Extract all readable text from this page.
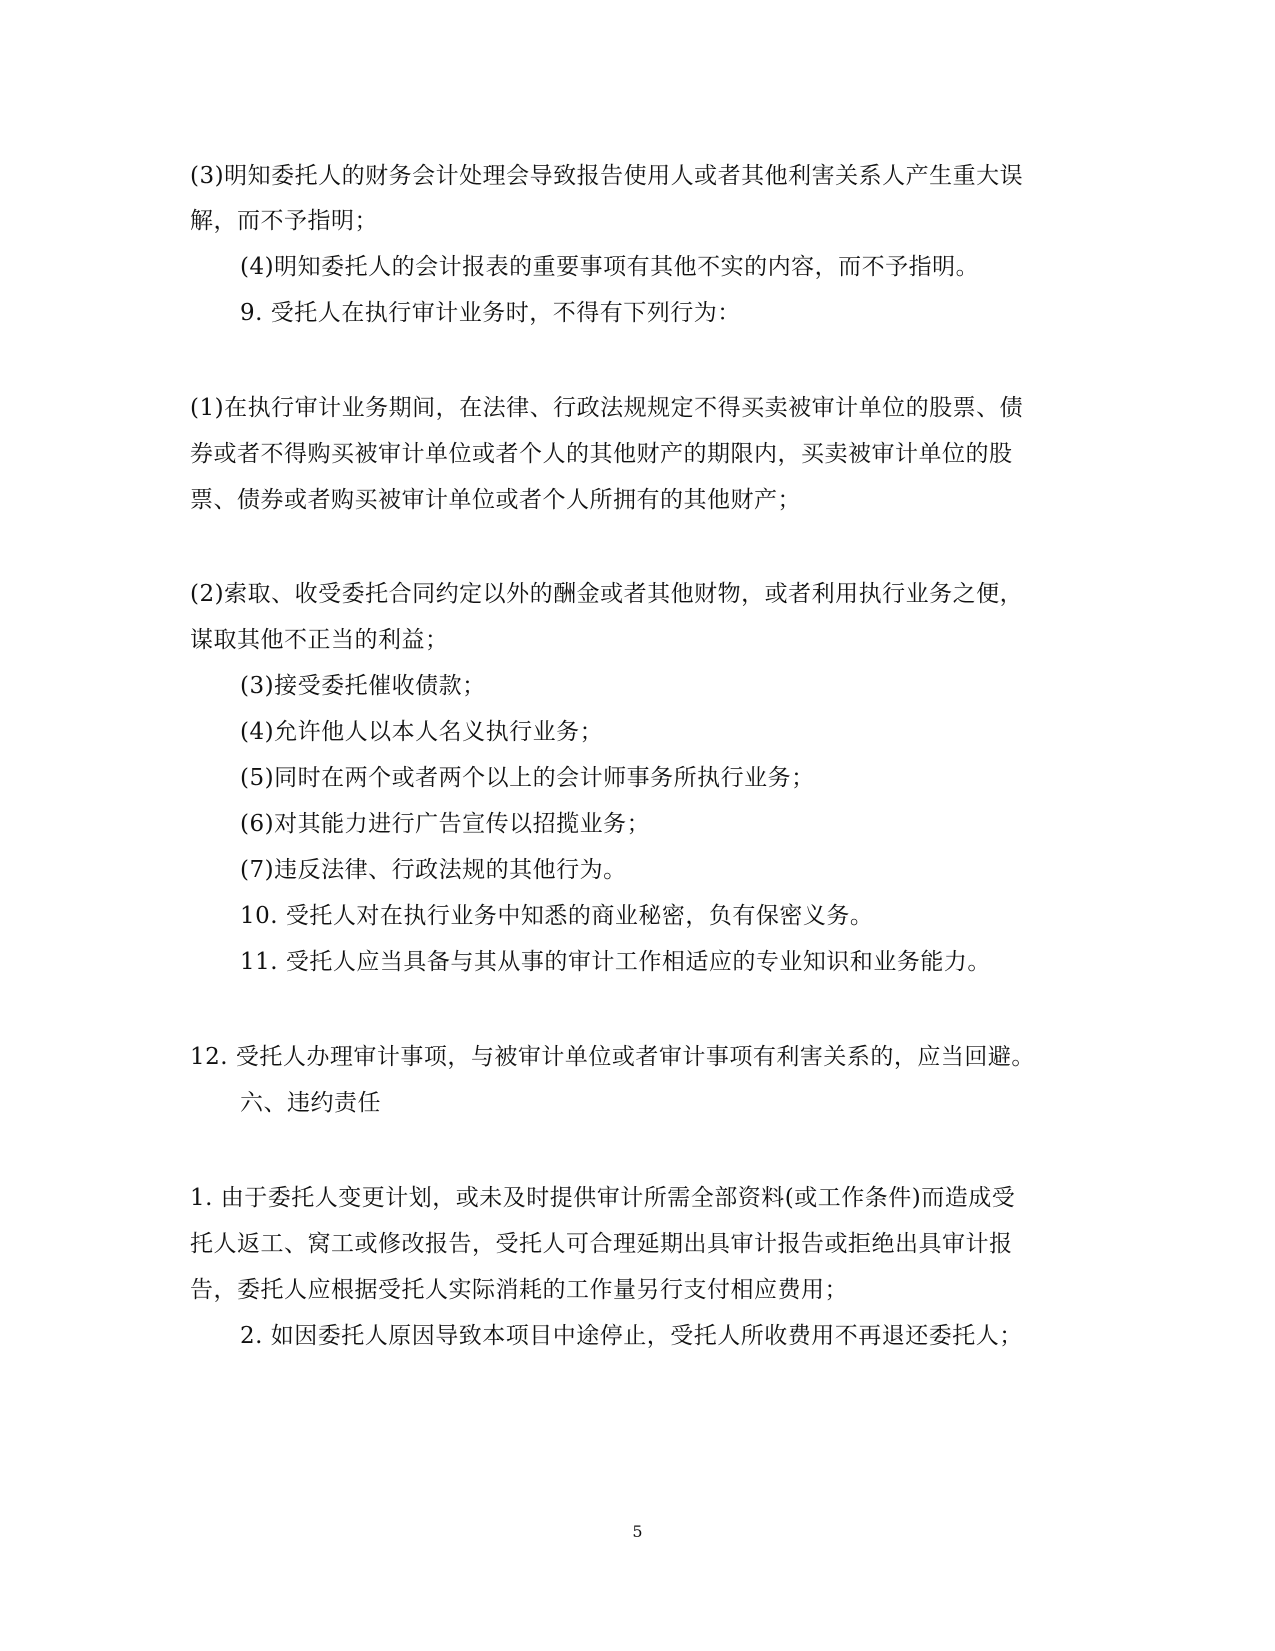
(3)明知委托人的财务会计处理会导致报告使用人或者其他利害关系人产生重大误
解，而不予指明；
(4)明知委托人的会计报表的重要事项有其他不实的内容，而不予指明。
9. 受托人在执行审计业务时，不得有下列行为：
(1)在执行审计业务期间，在法律、行政法规规定不得买卖被审计单位的股票、债
券或者不得购买被审计单位或者个人的其他财产的期限内，买卖被审计单位的股
票、债券或者购买被审计单位或者个人所拥有的其他财产；
(2)索取、收受委托合同约定以外的酬金或者其他财物，或者利用执行业务之便，
谋取其他不正当的利益；
(3)接受委托催收债款；
(4)允许他人以本人名义执行业务；
(5)同时在两个或者两个以上的会计师事务所执行业务；
(6)对其能力进行广告宣传以招揽业务；
(7)违反法律、行政法规的其他行为。
10. 受托人对在执行业务中知悉的商业秘密，负有保密义务。
11. 受托人应当具备与其从事的审计工作相适应的专业知识和业务能力。
12. 受托人办理审计事项，与被审计单位或者审计事项有利害关系的，应当回避。
六、违约责任
1. 由于委托人变更计划，或未及时提供审计所需全部资料(或工作条件)而造成受
托人返工、窝工或修改报告，受托人可合理延期出具审计报告或拒绝出具审计报
告，委托人应根据受托人实际消耗的工作量另行支付相应费用；
2. 如因委托人原因导致本项目中途停止，受托人所收费用不再退还委托人；
5
